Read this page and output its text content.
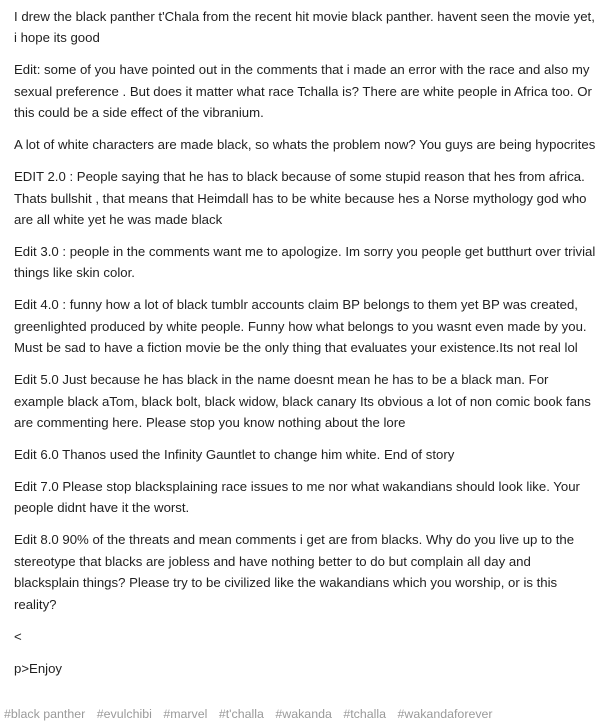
I drew the black panther t'Chala from the recent hit movie black panther. havent seen the movie yet, i hope its good

Edit: some of you have pointed out in the comments that i made an error with the race and also my sexual preference . But does it matter what race Tchalla is? There are white people in Africa too. Or this could be a side effect of the vibranium.

A lot of white characters are made black, so whats the problem now? You guys are being hypocrites

EDIT 2.0 : People saying that he has to black because of some stupid reason that hes from africa. Thats bullshit , that means that Heimdall has to be white because hes a Norse mythology god who are all white yet he was made black

Edit 3.0 : people in the comments want me to apologize. Im sorry you people get butthurt over trivial things like skin color.

Edit 4.0 : funny how a lot of black tumblr accounts claim BP belongs to them yet BP was created, greenlighted produced by white people. Funny how what belongs to you wasnt even made by you. Must be sad to have a fiction movie be the only thing that evaluates your existence.Its not real lol

Edit 5.0 Just because he has black in the name doesnt mean he has to be a black man. For example black aTom, black bolt, black widow, black canary Its obvious a lot of non comic book fans are commenting here. Please stop you know nothing about the lore

Edit 6.0 Thanos used the Infinity Gauntlet to change him white. End of story

Edit 7.0 Please stop blacksplaining race issues to me nor what wakandians should look like. Your people didnt have it the worst.

Edit 8.0 90% of the threats and mean comments i get are from blacks. Why do you live up to the stereotype that blacks are jobless and have nothing better to do but complain all day and blacksplain things? Please try to be civilized like the wakandians which you worship, or is this reality?

<

p>Enjoy

#black panther #evulchibi #marvel #t'challa #wakanda #tchalla #wakandaforever
